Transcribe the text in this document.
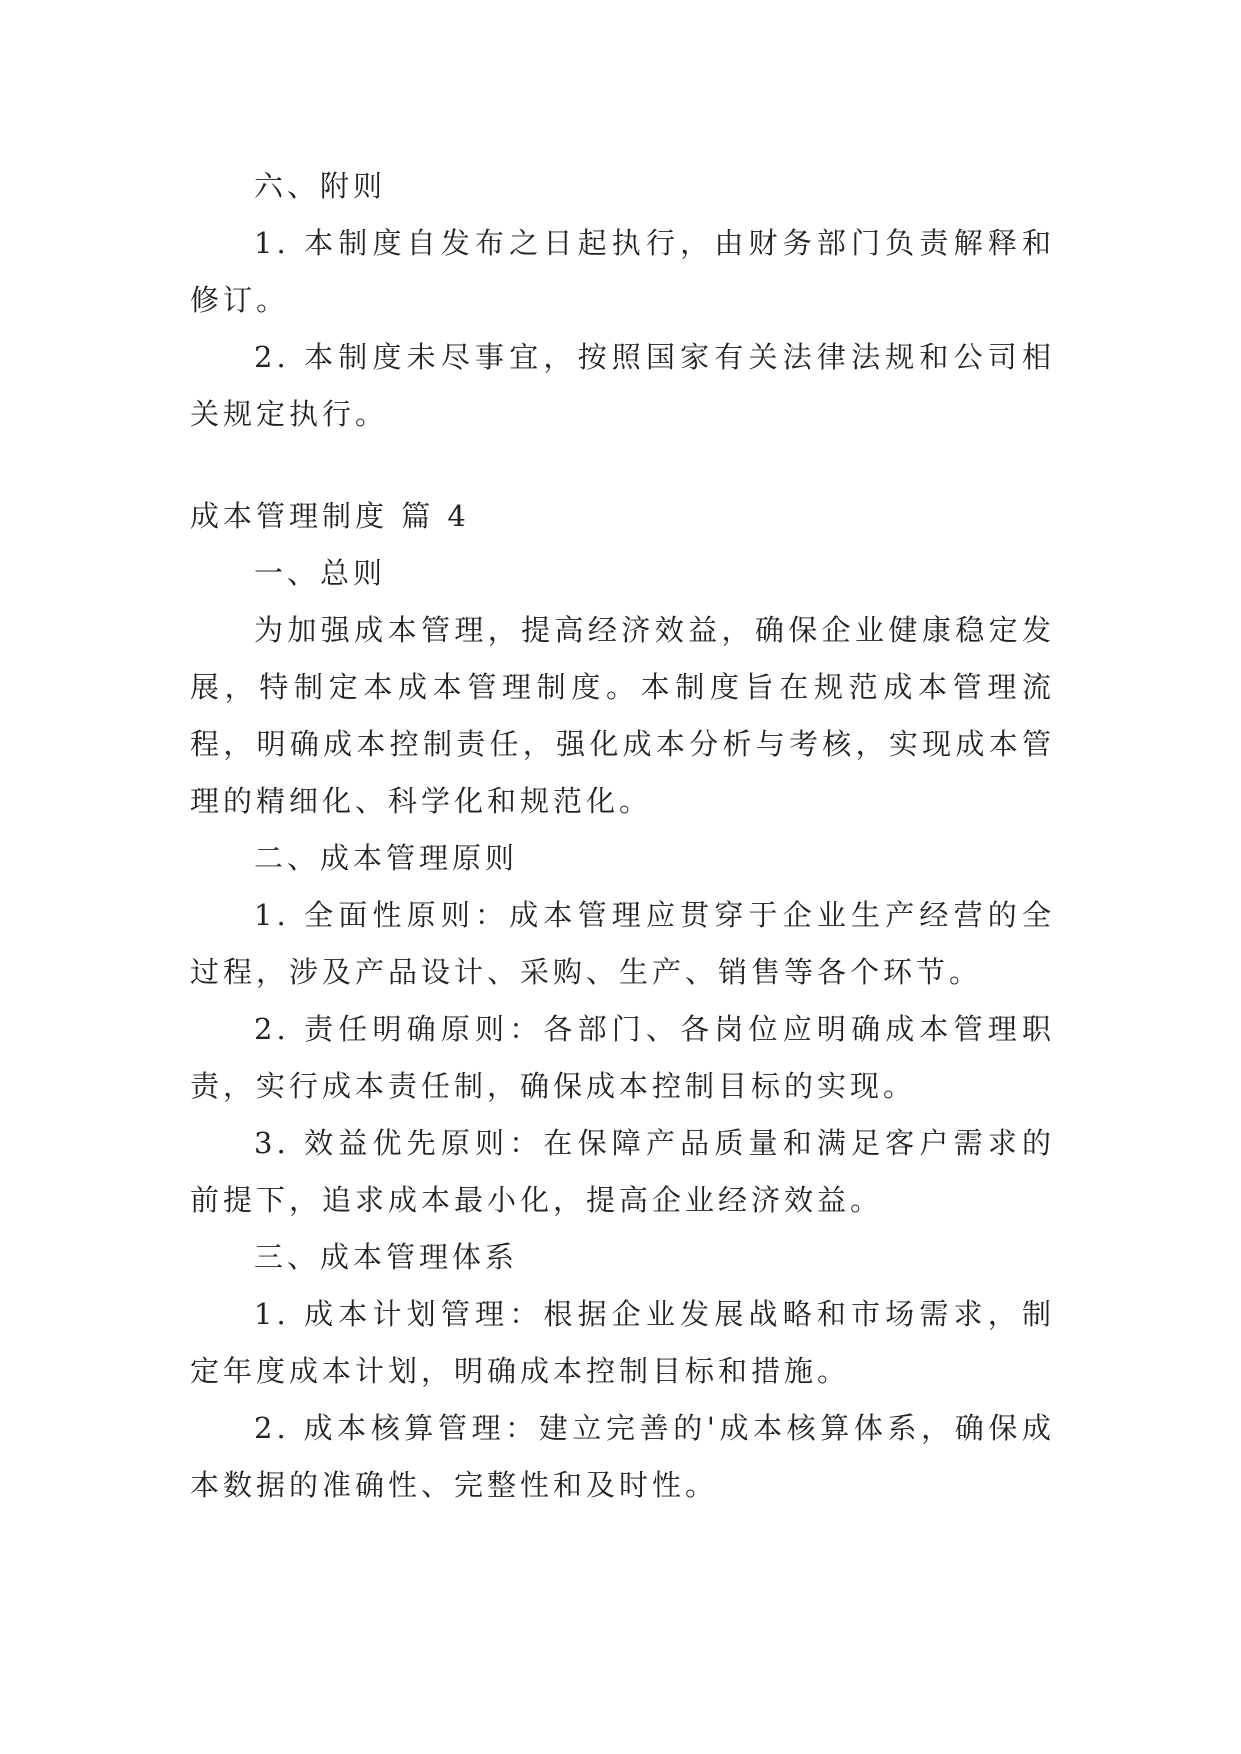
六、附则

1. 本制度自发布之日起执行，由财务部门负责解释和修订。

2. 本制度未尽事宜，按照国家有关法律法规和公司相关规定执行。

成本管理制度 篇 4

一、总则

为加强成本管理，提高经济效益，确保企业健康稳定发展，特制定本成本管理制度。本制度旨在规范成本管理流程，明确成本控制责任，强化成本分析与考核，实现成本管理的精细化、科学化和规范化。

二、成本管理原则

1. 全面性原则：成本管理应贯穿于企业生产经营的全过程，涉及产品设计、采购、生产、销售等各个环节。

2. 责任明确原则：各部门、各岗位应明确成本管理职责，实行成本责任制，确保成本控制目标的实现。

3. 效益优先原则：在保障产品质量和满足客户需求的前提下，追求成本最小化，提高企业经济效益。

三、成本管理体系

1. 成本计划管理：根据企业发展战略和市场需求，制定年度成本计划，明确成本控制目标和措施。

2. 成本核算管理：建立完善的'成本核算体系，确保成本数据的准确性、完整性和及时性。
